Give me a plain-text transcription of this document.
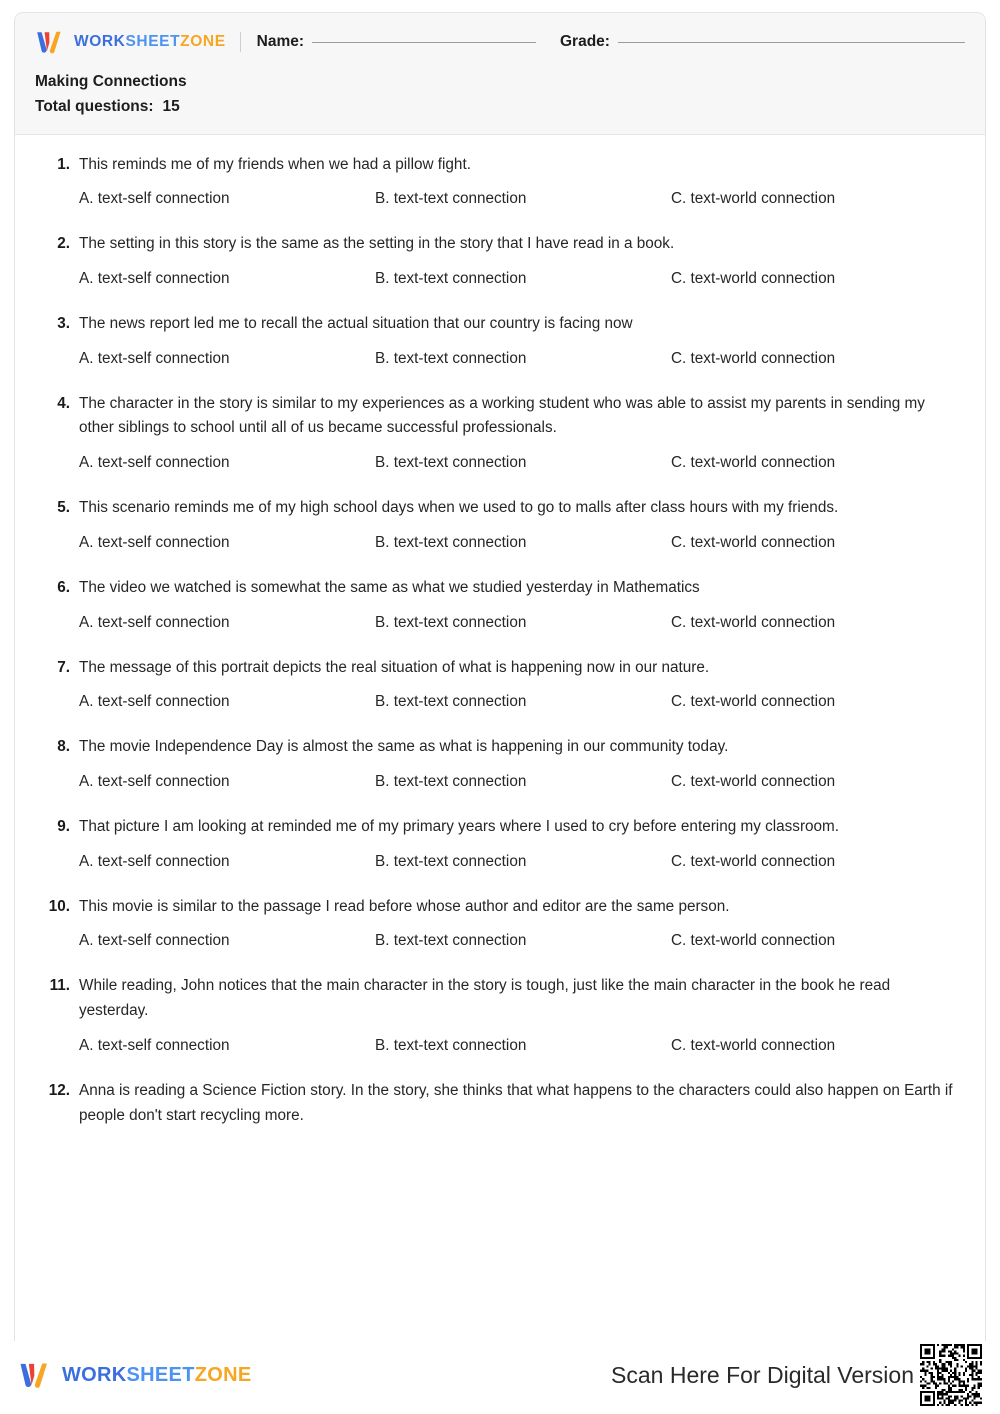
WORKSHEETZONE Name:	Grade:
Making Connections
Total questions: 15
1. This reminds me of my friends when we had a pillow fight.
A. text-self connection	B. text-text connection	C. text-world connection
2. The setting in this story is the same as the setting in the story that I have read in a book.
A. text-self connection	B. text-text connection	C. text-world connection
3. The news report led me to recall the actual situation that our country is facing now
A. text-self connection	B. text-text connection	C. text-world connection
4. The character in the story is similar to my experiences as a working student who was able to assist my parents in sending my other siblings to school until all of us became successful professionals.
A. text-self connection	B. text-text connection	C. text-world connection
5. This scenario reminds me of my high school days when we used to go to malls after class hours with my friends.
A. text-self connection	B. text-text connection	C. text-world connection
6. The video we watched is somewhat the same as what we studied yesterday in Mathematics
A. text-self connection	B. text-text connection	C. text-world connection
7. The message of this portrait depicts the real situation of what is happening now in our nature.
A. text-self connection	B. text-text connection	C. text-world connection
8. The movie Independence Day is almost the same as what is happening in our community today.
A. text-self connection	B. text-text connection	C. text-world connection
9. That picture I am looking at reminded me of my primary years where I used to cry before entering my classroom.
A. text-self connection	B. text-text connection	C. text-world connection
10. This movie is similar to the passage I read before whose author and editor are the same person.
A. text-self connection	B. text-text connection	C. text-world connection
11. While reading, John notices that the main character in the story is tough, just like the main character in the book he read yesterday.
A. text-self connection	B. text-text connection	C. text-world connection
12. Anna is reading a Science Fiction story. In the story, she thinks that what happens to the characters could also happen on Earth if people don't start recycling more.
WORKSHEETZONE	Scan Here For Digital Version
